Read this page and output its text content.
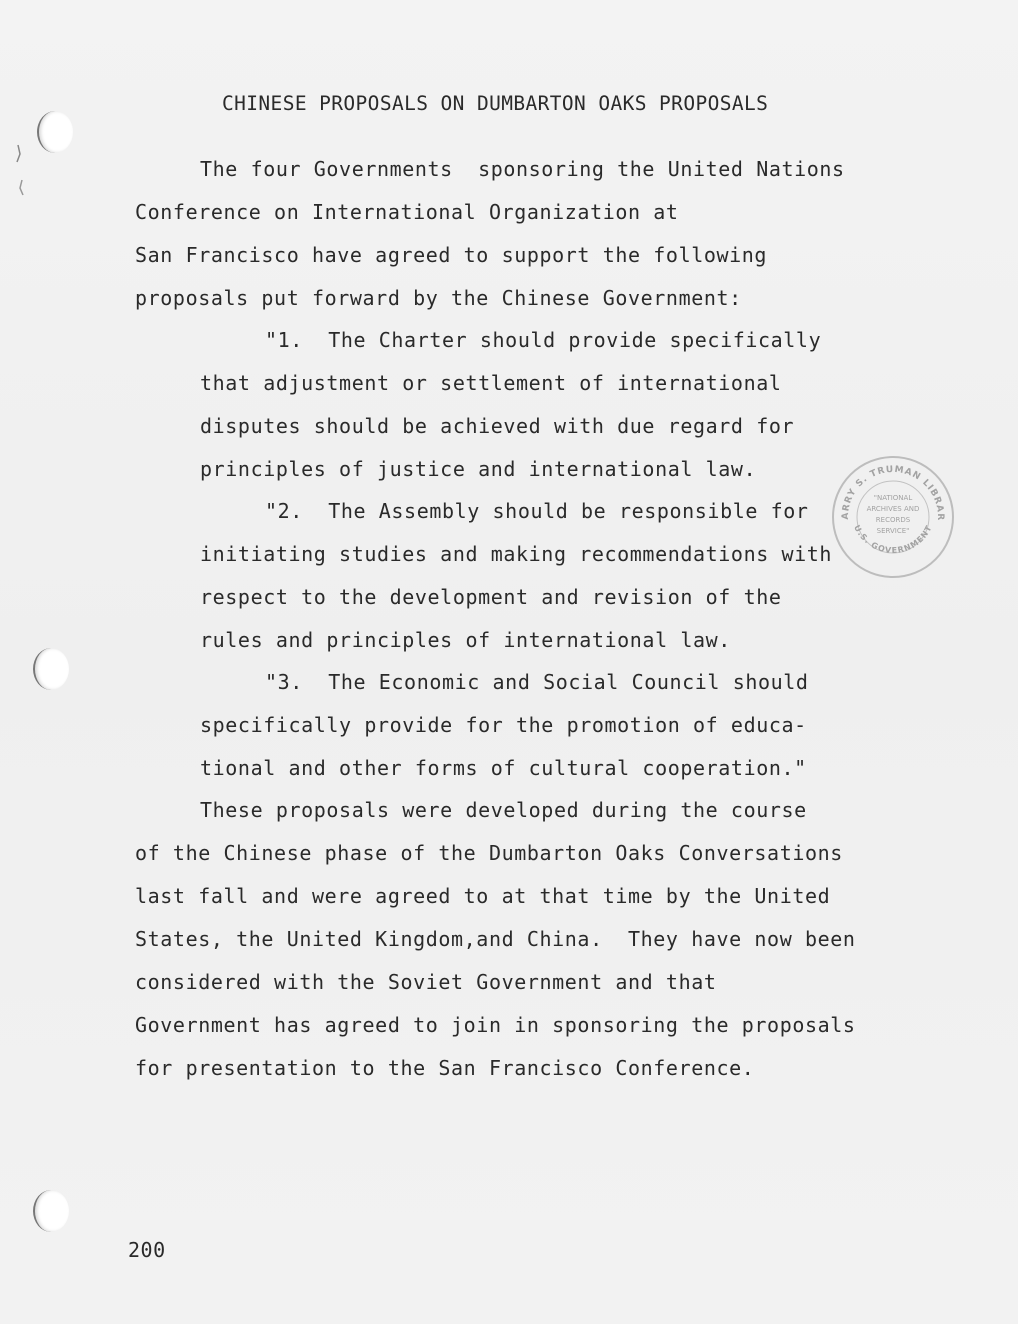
CHINESE PROPOSALS ON DUMBARTON OAKS PROPOSALS
The four Governments  sponsoring the United Nations
Conference on International Organization at
San Francisco have agreed to support the following
proposals put forward by the Chinese Government:
"1.  The Charter should provide specifically
that adjustment or settlement of international
disputes should be achieved with due regard for
principles of justice and international law.
"2.  The Assembly should be responsible for
initiating studies and making recommendations with
respect to the development and revision of the
rules and principles of international law.
"3.  The Economic and Social Council should
specifically provide for the promotion of educa-
tional and other forms of cultural cooperation."
These proposals were developed during the course
of the Chinese phase of the Dumbarton Oaks Conversations
last fall and were agreed to at that time by the United
States, the United Kingdom,and China.  They have now been
considered with the Soviet Government and that
Government has agreed to join in sponsoring the proposals
for presentation to the San Francisco Conference.
ARRY S. TRUMAN LIBRAR
U.S. GOVERNMENT
"NATIONAL
ARCHIVES AND
RECORDS
SERVICE"
200
